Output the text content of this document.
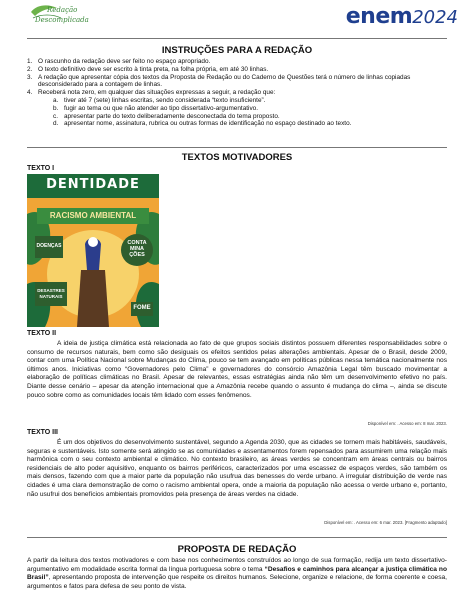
Redação
Descomplicada	enem 2024
INSTRUÇÕES PARA A REDAÇÃO
1. O rascunho da redação deve ser feito no espaço apropriado.
2. O texto definitivo deve ser escrito à tinta preta, na folha própria, em até 30 linhas.
3. A redação que apresentar cópia dos textos da Proposta de Redação ou do Caderno de Questões terá o número de linhas copiadas desconsiderado para a contagem de linhas.
4. Receberá nota zero, em qualquer das situações expressas a seguir, a redação que:
a. tiver até 7 (sete) linhas escritas, sendo considerada “texto insuficiente”.
b. fugir ao tema ou que não atender ao tipo dissertativo-argumentativo.
c. apresentar parte do texto deliberadamente desconectada do tema proposto.
d. apresentar nome, assinatura, rubrica ou outras formas de identificação no espaço destinado ao texto.
TEXTOS MOTIVADORES
TEXTO I
DENTIDADE
RACISMO AMBIENTAL
DOENÇAS	CONTA MINA ÇÕES
DESASTRES NATURAIS
FOME
TEXTO II
A ideia de justiça climática está relacionada ao fato de que grupos sociais distintos possuem diferentes responsabilidades sobre o consumo de recursos naturais, bem como são desiguais os efeitos sentidos pelas alterações ambientais. Apesar de o Brasil, desde 2009, contar com uma Política Nacional sobre Mudanças do Clima, pouco se tem avançado em políticas públicas nessa temática nacionalmente nos últimos anos. Iniciativas como “Governadores pelo Clima” e governadores do consórcio Amazônia Legal têm buscado movimentar a elaboração de políticas climáticas no Brasil. Apesar de relevantes, essas estratégias ainda não têm um desenvolvimento efetivo no país. Diante desse cenário – apesar da atenção internacional que a Amazônia recebe quando o assunto é mudança do clima –, ainda se discute pouco sobre como as comunidades locais têm lidado com esses fenômenos.
Disponível em: . Acesso em: 8 mar. 2023.
TEXTO III
É um dos objetivos do desenvolvimento sustentável, segundo a Agenda 2030, que as cidades se tornem mais habitáveis, saudáveis, seguras e sustentáveis. Isto somente será atingido se as comunidades e assentamentos forem repensados para assumirem uma relação mais harmônica com o seu contexto ambiental e climático. No contexto brasileiro, as áreas verdes se concentram em áreas centrais ou bairros residenciais de alto poder aquisitivo, enquanto os bairros periféricos, caracterizados por uma escassez de espaços verdes, são também os mais densos, fazendo com que a maior parte da população não usufrua das benesses do verde urbano. A irregular distribuição de verde nas cidades é uma clara demonstração de como o racismo ambiental opera, onde a maioria da população não acessa o verde urbano e, portanto, não usufrui dos benefícios ambientais promovidos pela presença de áreas verdes na cidade.
Disponível em: . Acesso em: 6 mar. 2023. [Fragmento adaptado]
PROPOSTA DE REDAÇÃO
A partir da leitura dos textos motivadores e com base nos conhecimentos construídos ao longo de sua formação, redija um texto dissertativo-argumentativo em modalidade escrita formal da língua portuguesa sobre o tema “Desafios e caminhos para alcançar a justiça climática no Brasil”, apresentando proposta de intervenção que respeite os direitos humanos. Selecione, organize e relacione, de forma coerente e coesa, argumentos e fatos para defesa de seu ponto de vista.
